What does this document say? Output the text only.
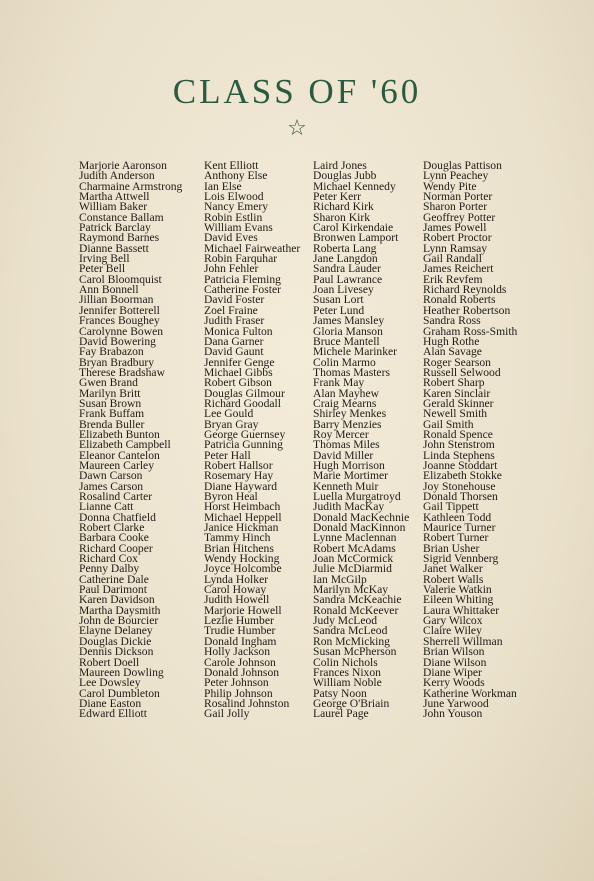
CLASS OF '60
☆
Marjorie Aaronson
Judith Anderson
Charmaine Armstrong
Martha Attwell
William Baker
Constance Ballam
Patrick Barclay
Raymond Barnes
Dianne Bassett
Irving Bell
Peter Bell
Carol Bloomquist
Ann Bonnell
Jillian Boorman
Jennifer Botterell
Frances Boughey
Carolynne Bowen
David Bowering
Fay Brabazon
Bryan Bradbury
Therese Bradshaw
Gwen Brand
Marilyn Britt
Susan Brown
Frank Buffam
Brenda Buller
Elizabeth Bunton
Elizabeth Campbell
Eleanor Cantelon
Maureen Carley
Dawn Carson
James Carson
Rosalind Carter
Lianne Catt
Donna Chatfield
Robert Clarke
Barbara Cooke
Richard Cooper
Richard Cox
Penny Dalby
Catherine Dale
Paul Darimont
Karen Davidson
Martha Daysmith
John de Bourcier
Elayne Delaney
Douglas Dickie
Dennis Dickson
Robert Doell
Maureen Dowling
Lee Dowsley
Carol Dumbleton
Diane Easton
Edward Elliott
Kent Elliott
Anthony Else
Ian Else
Lois Elwood
Nancy Emery
Robin Estlin
William Evans
David Eves
Michael Fairweather
Robin Farquhar
John Fehler
Patricia Fleming
Catherine Foster
David Foster
Zoel Fraine
Judith Fraser
Monica Fulton
Dana Garner
David Gaunt
Jennifer Genge
Michael Gibbs
Robert Gibson
Douglas Gilmour
Richard Goodall
Lee Gould
Bryan Gray
George Guernsey
Patricia Gunning
Peter Hall
Robert Hallsor
Rosemary Hay
Diane Hayward
Byron Heal
Horst Heimbach
Michael Heppell
Janice Hickman
Tammy Hinch
Brian Hitchens
Wendy Hocking
Joyce Holcombe
Lynda Holker
Carol Howay
Judith Howell
Marjorie Howell
Lezlie Humber
Trudie Humber
Donald Ingham
Holly Jackson
Carole Johnson
Donald Johnson
Peter Johnson
Philip Johnson
Rosalind Johnston
Gail Jolly
Laird Jones
Douglas Jubb
Michael Kennedy
Peter Kerr
Richard Kirk
Sharon Kirk
Carol Kirkendaie
Bronwen Lamport
Roberta Lang
Jane Langdon
Sandra Lauder
Paul Lawrance
Joan Livesey
Susan Lort
Peter Lund
James Mansley
Gloria Manson
Bruce Mantell
Michele Marinker
Colin Marmo
Thomas Masters
Frank May
Alan Mayhew
Craig Mearns
Shirley Menkes
Barry Menzies
Roy Mercer
Thomas Miles
David Miller
Hugh Morrison
Marie Mortimer
Kenneth Muir
Luella Murgatroyd
Judith MacKay
Donald MacKechnie
Donald MacKinnon
Lynne Maclennan
Robert McAdams
Joan McCormick
Julie McDiarmid
Ian McGilp
Marilyn McKay
Sandra McKeachie
Ronald McKeever
Judy McLeod
Sandra McLeod
Ron McMicking
Susan McPherson
Colin Nichols
Frances Nixon
William Noble
Patsy Noon
George O'Briain
Laurel Page
Douglas Pattison
Lynn Peachey
Wendy Pite
Norman Porter
Sharon Porter
Geoffrey Potter
James Powell
Robert Proctor
Lynn Ramsay
Gail Randall
James Reichert
Erik Revfem
Richard Reynolds
Ronald Roberts
Heather Robertson
Sandra Ross
Graham Ross-Smith
Hugh Rothe
Alan Savage
Roger Searson
Russell Selwood
Robert Sharp
Karen Sinclair
Gerald Skinner
Newell Smith
Gail Smith
Ronald Spence
John Stenstrom
Linda Stephens
Joanne Stoddart
Elizabeth Stokke
Joy Stonehouse
Donald Thorsen
Gail Tippett
Kathleen Todd
Maurice Turner
Robert Turner
Brian Usher
Sigrid Vennberg
Janet Walker
Robert Walls
Valerie Watkin
Eileen Whiting
Laura Whittaker
Gary Wilcox
Claire Wiley
Sherrell Willman
Brian Wilson
Diane Wilson
Diane Wiper
Kerry Woods
Katherine Workman
June Yarwood
John Youson
